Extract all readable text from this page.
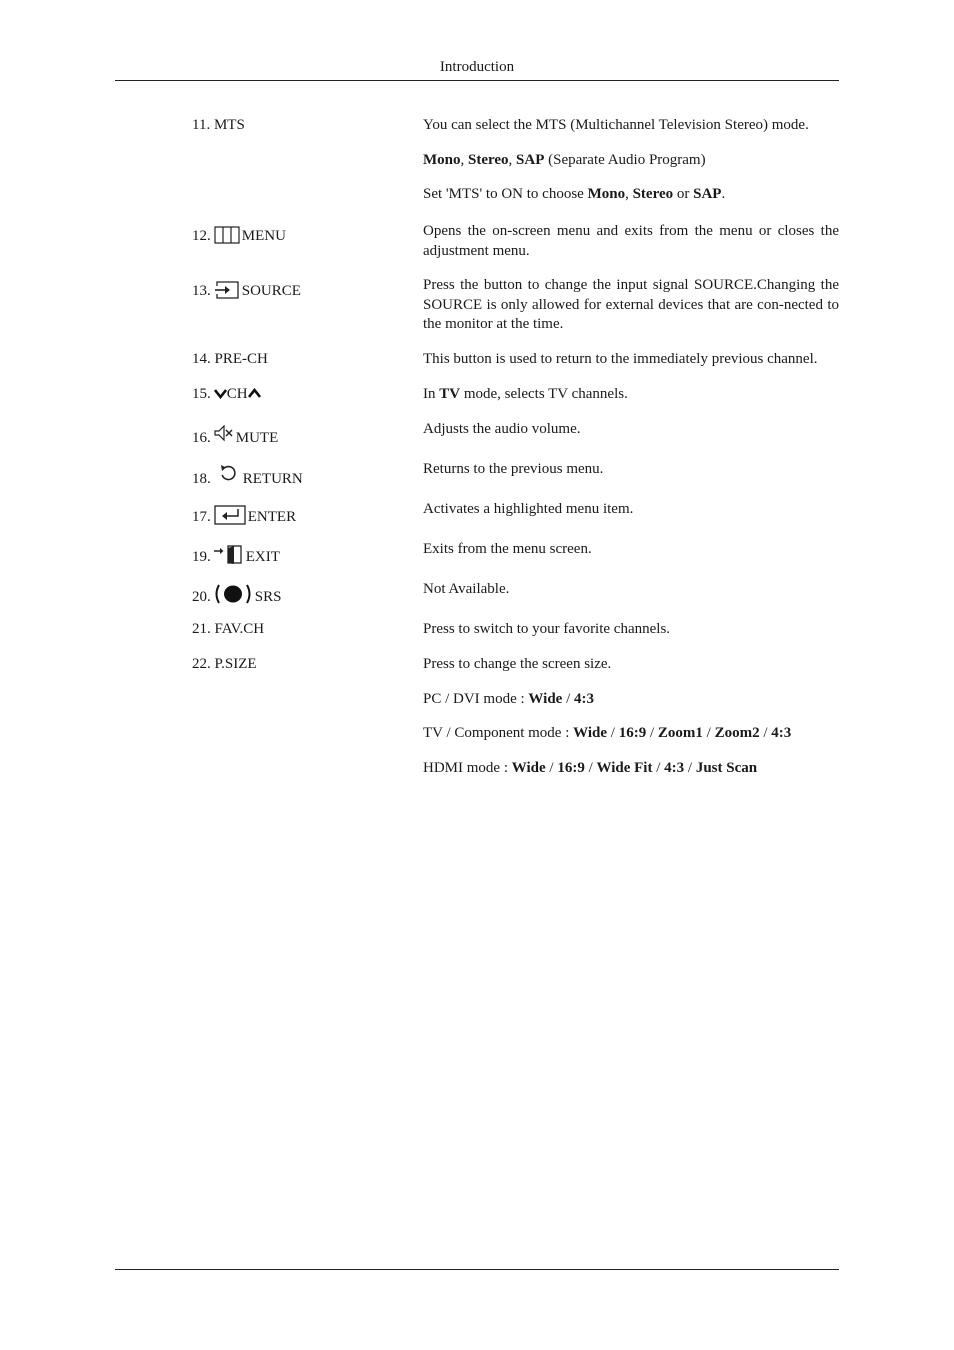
Introduction
11. MTS	You can select the MTS (Multichannel Television Stereo) mode.

Mono, Stereo, SAP (Separate Audio Program)

Set 'MTS' to ON to choose Mono, Stereo or SAP.

12. MENU	Opens the on-screen menu and exits from the menu or closes the adjustment menu.
13. SOURCE	Press the button to change the input signal SOURCE.Changing the SOURCE is only allowed for external devices that are con-nected to the monitor at the time.
14. PRE-CH	This button is used to return to the immediately previous channel.
15. CH	In TV mode, selects TV channels.
16. MUTE
Adjusts the audio volume.
18. RETURN
Returns to the previous menu.
17. ENTER	Activates a highlighted menu item.
19. EXIT	Exits from the menu screen.
20.	SRS	Not Available.
21. FAV.CH	Press to switch to your favorite channels.
22. P.SIZE	Press to change the screen size.

PC / DVI mode : Wide / 4:3

TV / Component mode : Wide / 16:9 / Zoom1 / Zoom2 / 4:3

HDMI mode : Wide / 16:9 / Wide Fit / 4:3 / Just Scan
